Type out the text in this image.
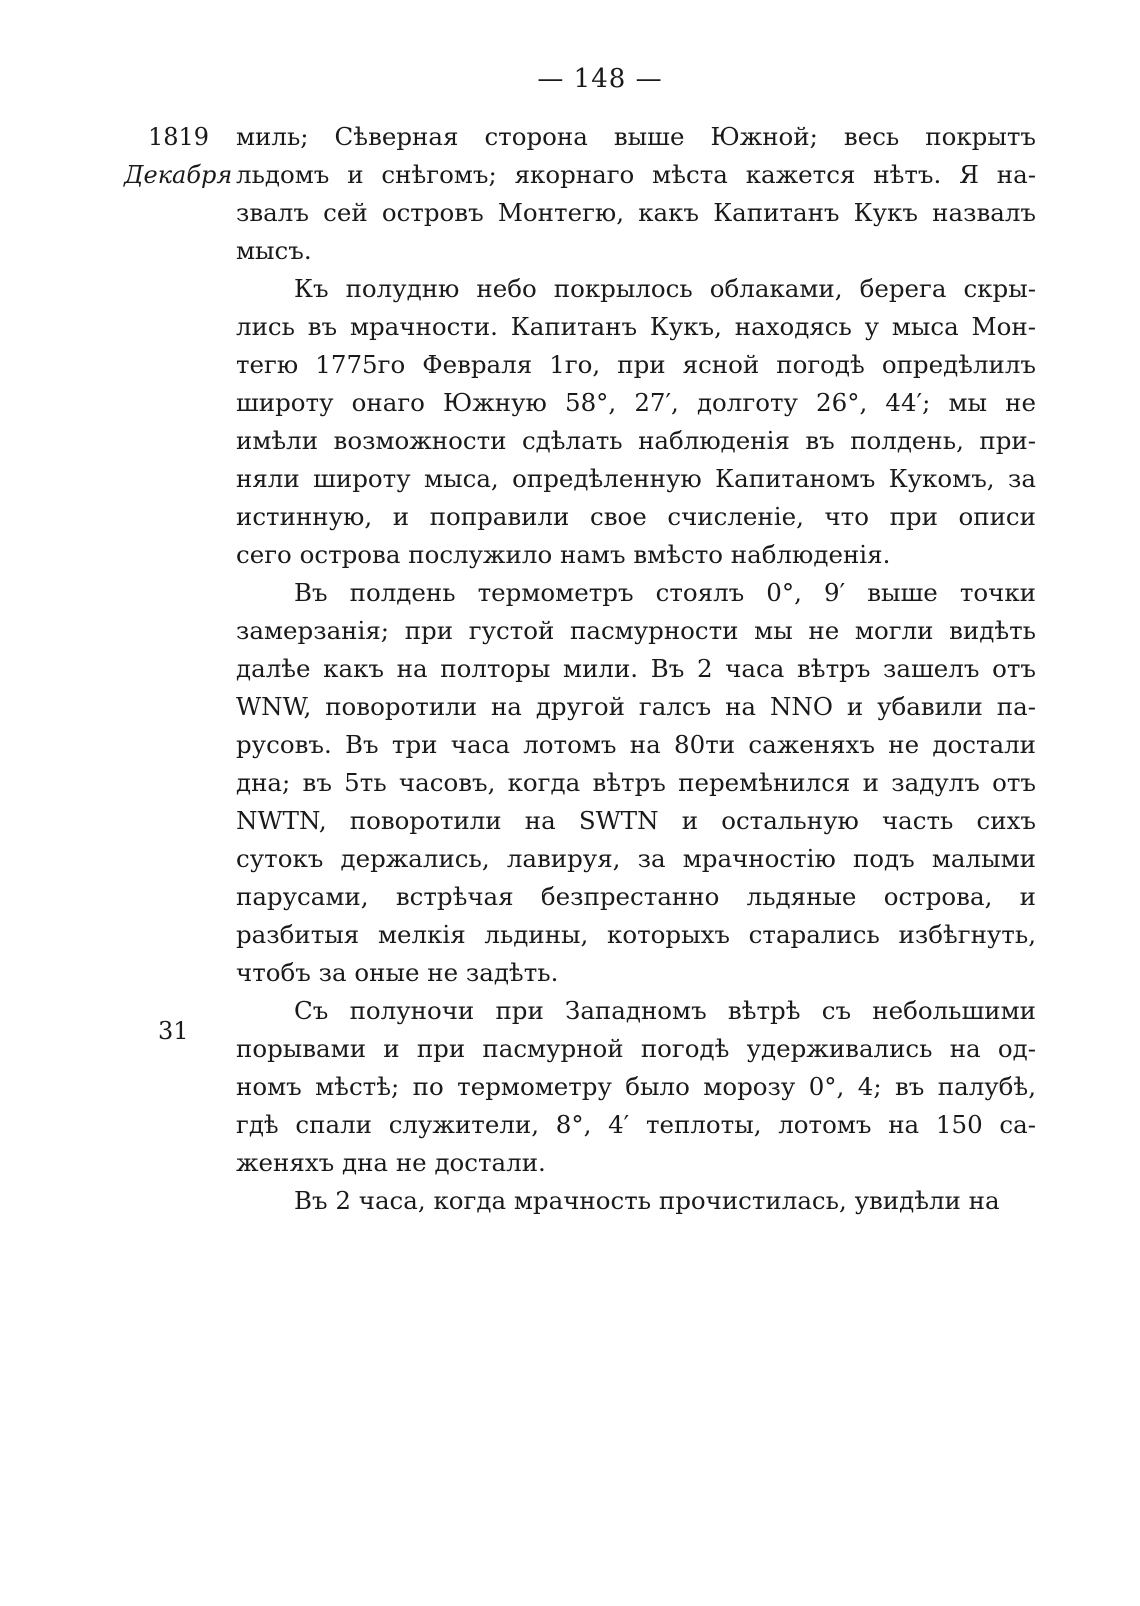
— 148 —
1819
Декабря
31
миль; Сѣверная сторона выше Южной; весь покрытъ
льдомъ и снѣгомъ; якорнаго мѣста кажется нѣтъ. Я на-
звалъ сей островъ Монтегю, какъ Капитанъ Кукъ назвалъ
мысъ.
Къ полудню небо покрылось облаками, берега скры-
лись въ мрачности. Капитанъ Кукъ, находясь у мыса Мон-
тегю 1775го Февраля 1го, при ясной погодѣ опредѣлилъ
широту онаго Южную 58°, 27′, долготу 26°, 44′; мы не
имѣли возможности сдѣлать наблюденія въ полдень, при-
няли широту мыса, опредѣленную Капитаномъ Кукомъ, за
истинную, и поправили свое счисленіе, что при описи
сего острова послужило намъ вмѣсто наблюденія.
Въ полдень термометръ стоялъ 0°, 9′ выше точки
замерзанія; при густой пасмурности мы не могли видѣть
далѣе какъ на полторы мили. Въ 2 часа вѣтръ зашелъ отъ
WNW, поворотили на другой галсъ на NNO и убавили па-
русовъ. Въ три часа лотомъ на 80ти саженяхъ не достали
дна; въ 5ть часовъ, когда вѣтръ перемѣнился и задулъ отъ
NWTN, поворотили на SWTN и остальную часть сихъ
сутокъ держались, лавируя, за мрачностію подъ малыми
парусами, встрѣчая безпрестанно льдяные острова, и
разбитыя мелкія льдины, которыхъ старались избѣгнуть,
чтобъ за оные не задѣть.
Съ полуночи при Западномъ вѣтрѣ съ небольшими
порывами и при пасмурной погодѣ удерживались на од-
номъ мѣстѣ; по термометру было морозу 0°, 4; въ палубѣ,
гдѣ спали служители, 8°, 4′ теплоты, лотомъ на 150 са-
женяхъ дна не достали.
Въ 2 часа, когда мрачность прочистилась, увидѣли на
